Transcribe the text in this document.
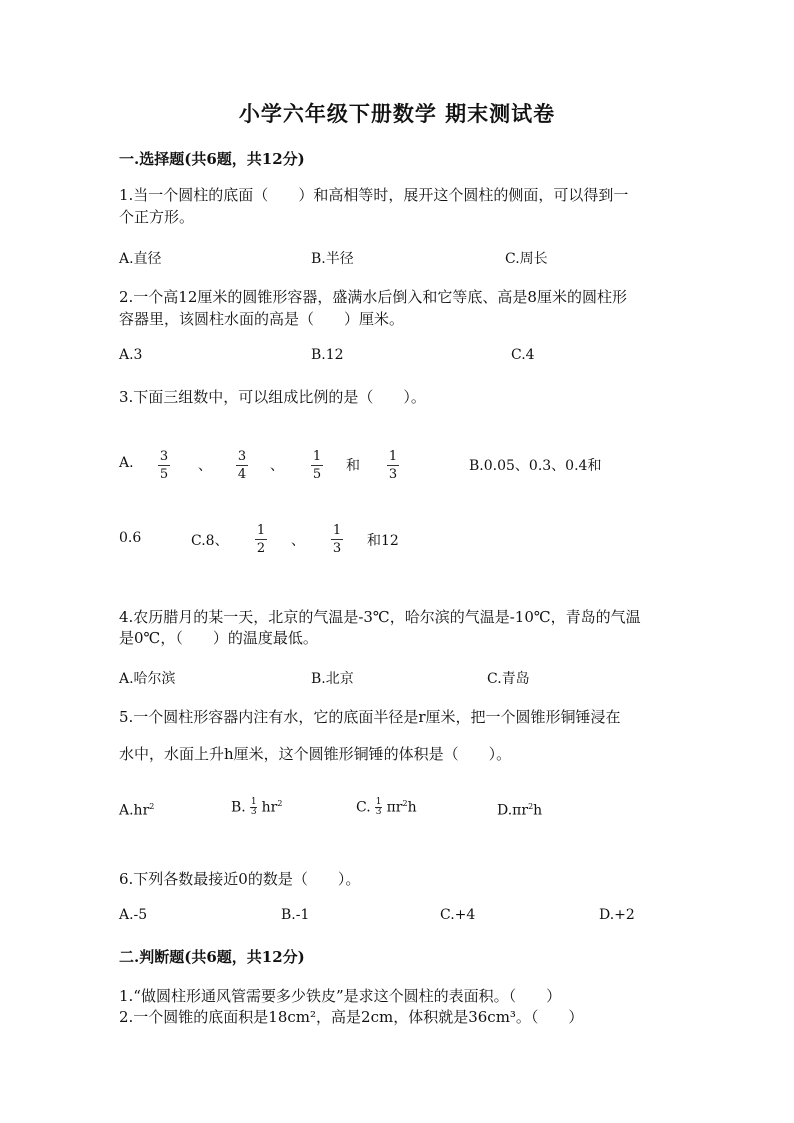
小学六年级下册数学 期末测试卷
一.选择题(共6题，共12分)
1.当一个圆柱的底面（　　）和高相等时，展开这个圆柱的侧面，可以得到一
个正方形。
A.直径	B.半径	C.周长
2.一个高12厘米的圆锥形容器，盛满水后倒入和它等底、高是8厘米的圆柱形
容器里，该圆柱水面的高是（　　）厘米。
A.3	B.12	C.4
3.下面三组数中，可以组成比例的是（　　）。
A. $\frac{3}{5}$ 、 $\frac{3}{4}$ 、 $\frac{1}{5}$ 和 $\frac{1}{3}$	B.0.05、0.3、0.4和
0.6	C.8、 $\frac{1}{2}$ 、 $\frac{1}{3}$ 和12
4.农历腊月的某一天，北京的气温是-3℃，哈尔滨的气温是-10℃，青岛的气温
是0℃，（　　）的温度最低。
A.哈尔滨	B.北京	C.青岛
5.一个圆柱形容器内注有水，它的底面半径是r厘米，把一个圆锥形铜锤浸在
水中，水面上升h厘米，这个圆锥形铜锤的体积是（　　）。
$A.hr^2$	B. $\frac{1}{3} hr^2$	C. $\frac{1}{3} \pi r^2h$	$D.\pi r^2h$
6.下列各数最接近0的数是（　　）。
A.-5	B.-1	C.+4	D.+2
二.判断题(共6题，共12分)
1.“做圆柱形通风管需要多少铁皮”是求这个圆柱的表面积。（　　）
2.一个圆锥的底面积是18cm²，高是2cm，体积就是36cm³。（　　）
